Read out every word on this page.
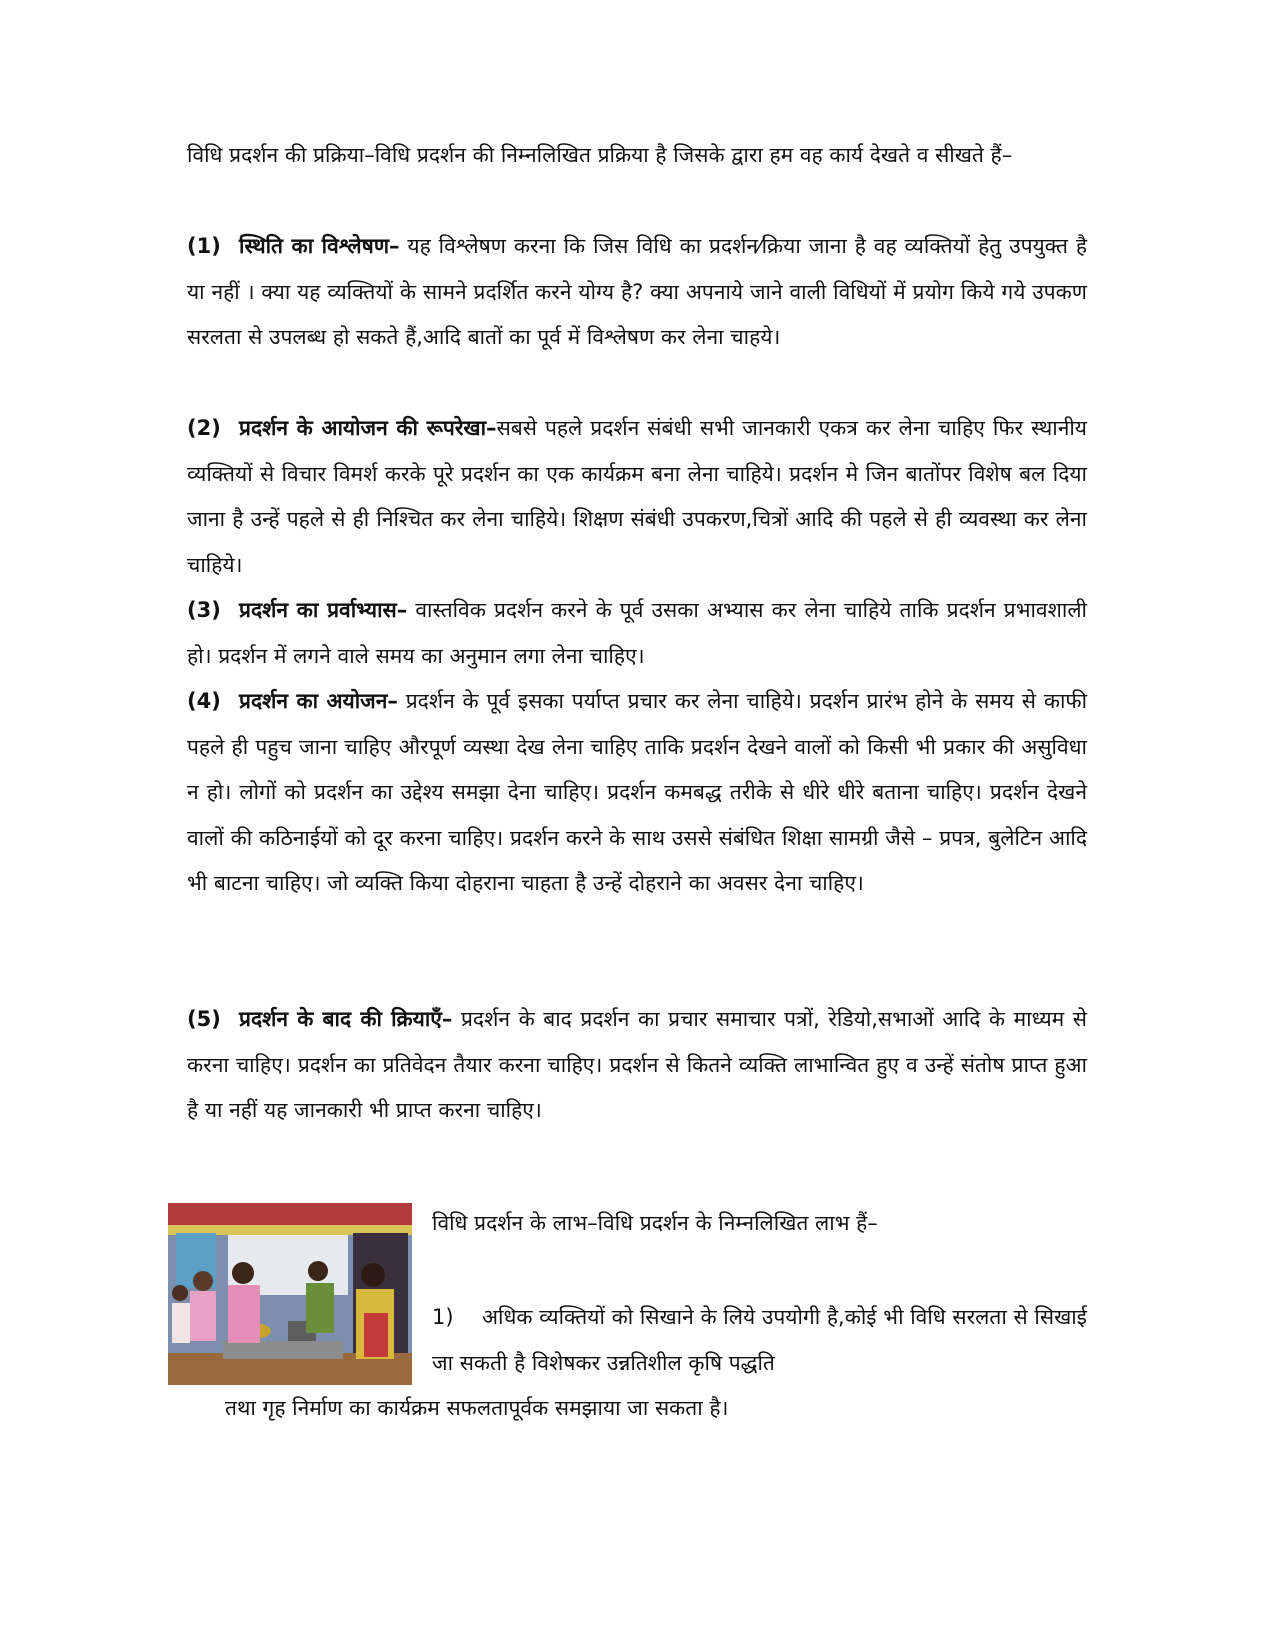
विधि प्रदर्शन की प्रक्रिया–विधि प्रदर्शन की निम्नलिखित प्रक्रिया है जिसके द्वारा हम वह कार्य देखते व सीखते हैं–

(1) स्थिति का विश्लेषण– यह विश्लेषण करना कि जिस विधि का प्रदर्शन⁄क्रिया जाना है वह व्यक्तियों हेतु उपयुक्त है या नहीं । क्या यह व्यक्तियों के सामने प्रदर्शित करने योग्य है? क्या अपनाये जाने वाली विधियों में प्रयोग किये गये उपकण सरलता से उपलब्ध हो सकते हैं,आदि बातों का पूर्व में विश्लेषण कर लेना चाहये।

(2) प्रदर्शन के आयोजन की रूपरेखा–सबसे पहले प्रदर्शन संबंधी सभी जानकारी एकत्र कर लेना चाहिए फिर स्थानीय व्यक्तियों से विचार विमर्श करके पूरे प्रदर्शन का एक कार्यक्रम बना लेना चाहिये। प्रदर्शन मे जिन बातोंपर विशेष बल दिया जाना है उन्हें पहले से ही निश्चित कर लेना चाहिये। शिक्षण संबंधी उपकरण,चित्रों आदि की पहले से ही व्यवस्था कर लेना चाहिये।

(3) प्रदर्शन का प्रर्वाभ्यास– वास्तविक प्रदर्शन करने के पूर्व उसका अभ्यास कर लेना चाहिये ताकि प्रदर्शन प्रभावशाली हो। प्रदर्शन में लगने वाले समय का अनुमान लगा लेना चाहिए।

(4) प्रदर्शन का अयोजन– प्रदर्शन के पूर्व इसका पर्याप्त प्रचार कर लेना चाहिये। प्रदर्शन प्रारंभ होने के समय से काफी पहले ही पहुच जाना चाहिए औरपूर्ण व्यस्था देख लेना चाहिए ताकि प्रदर्शन देखने वालों को किसी भी प्रकार की असुविधा न हो। लोगों को प्रदर्शन का उद्देश्य समझा देना चाहिए। प्रदर्शन कमबद्ध तरीके से धीरे धीरे बताना चाहिए। प्रदर्शन देखने वालों की कठिनाईयों को दूर करना चाहिए। प्रदर्शन करने के साथ उससे संबंधित शिक्षा सामग्री जैसे – प्रपत्र, बुलेटिन आदि भी बाटना चाहिए। जो व्यक्ति किया दोहराना चाहता है उन्हें दोहराने का अवसर देना चाहिए।

(5) प्रदर्शन के बाद की क्रियाएँ– प्रदर्शन के बाद प्रदर्शन का प्रचार समाचार पत्रों, रेडियो,सभाओं आदि के माध्यम से करना चाहिए। प्रदर्शन का प्रतिवेदन तैयार करना चाहिए। प्रदर्शन से कितने व्यक्ति लाभान्वित हुए व उन्हें संतोष प्राप्त हुआ है या नहीं यह जानकारी भी प्राप्त करना चाहिए।

विधि प्रदर्शन के लाभ–विधि प्रदर्शन के निम्नलिखित लाभ हैं–

1) अधिक व्यक्तियों को सिखाने के लिये उपयोगी है,कोई भी विधि सरलता से सिखाई जा सकती है विशेषकर उन्नतिशील कृषि पद्धति

तथा गृह निर्माण का कार्यक्रम सफलतापूर्वक समझाया जा सकता है।
